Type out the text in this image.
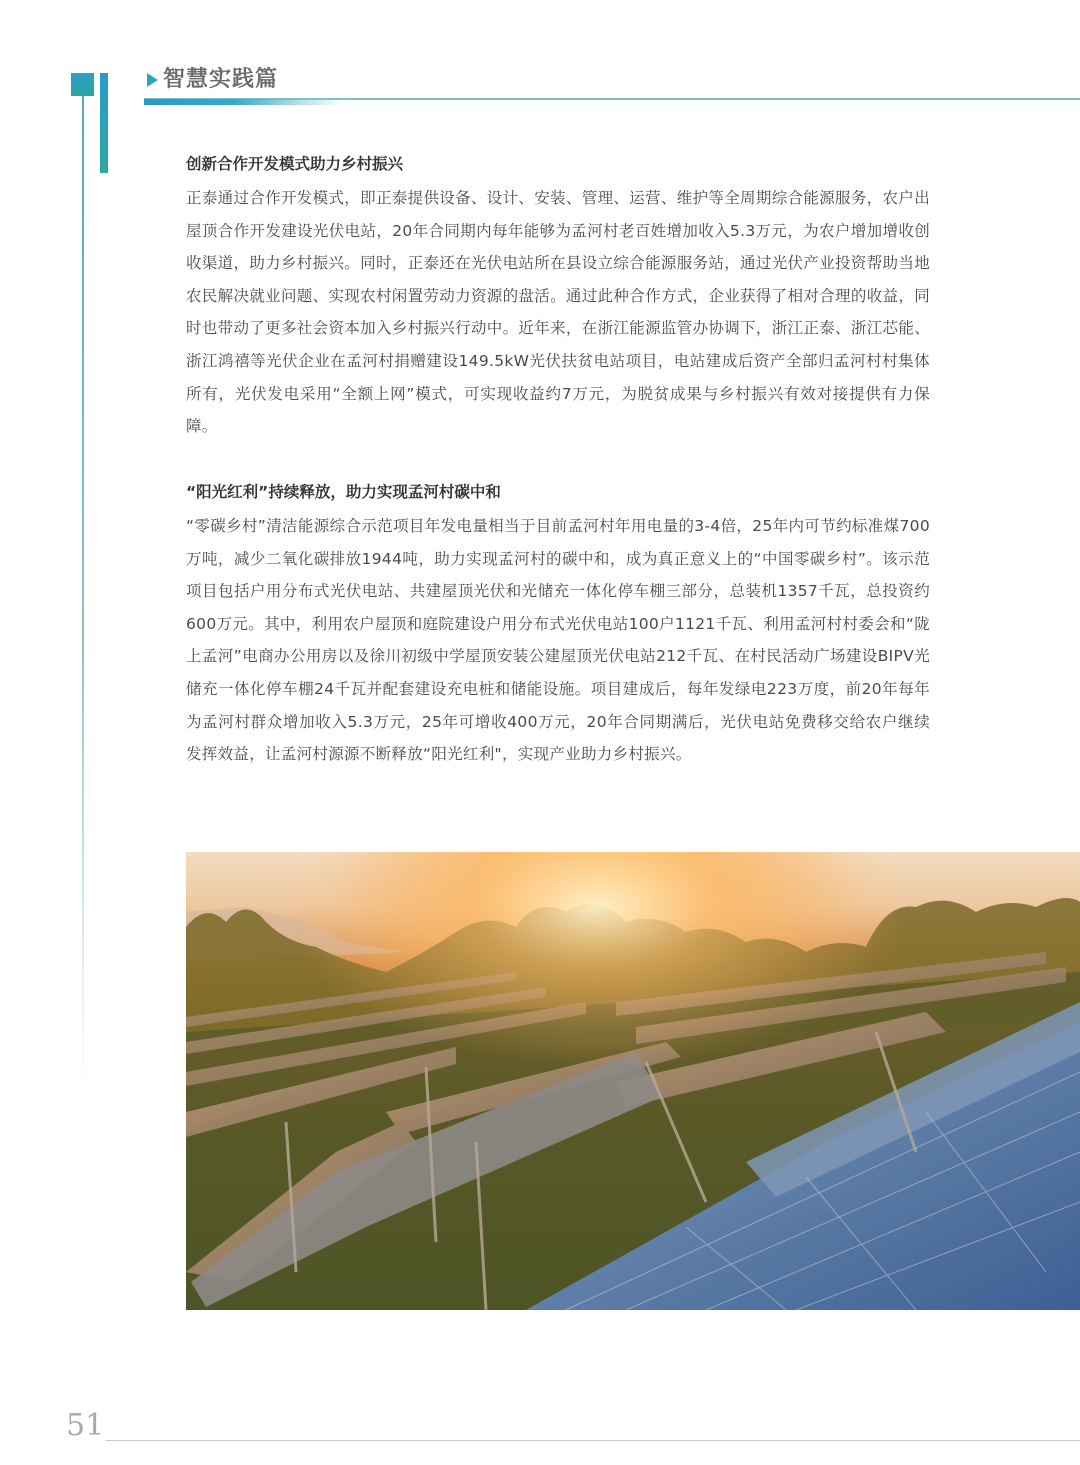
智慧实践篇
创新合作开发模式助力乡村振兴

正泰通过合作开发模式，即正泰提供设备、设计、安装、管理、运营、维护等全周期综合能源服务，农户出屋顶合作开发建设光伏电站，20年合同期内每年能够为孟河村老百姓增加收入5.3万元，为农户增加增收创收渠道，助力乡村振兴。同时，正泰还在光伏电站所在县设立综合能源服务站，通过光伏产业投资帮助当地农民解决就业问题、实现农村闲置劳动力资源的盘活。通过此种合作方式，企业获得了相对合理的收益，同时也带动了更多社会资本加入乡村振兴行动中。近年来，在浙江能源监管办协调下，浙江正泰、浙江芯能、浙江鸿禧等光伏企业在孟河村捐赠建设149.5kW光伏扶贫电站项目，电站建成后资产全部归孟河村村集体所有，光伏发电采用“全额上网”模式，可实现收益约7万元，为脱贫成果与乡村振兴有效对接提供有力保障。

“阳光红利”持续释放，助力实现孟河村碳中和

“零碳乡村”清洁能源综合示范项目年发电量相当于目前孟河村年用电量的3-4倍，25年内可节约标准煤700万吨，减少二氧化碳排放1944吨，助力实现孟河村的碳中和，成为真正意义上的“中国零碳乡村”。该示范项目包括户用分布式光伏电站、共建屋顶光伏和光储充一体化停车棚三部分，总装机1357千瓦，总投资约600万元。其中，利用农户屋顶和庭院建设户用分布式光伏电站100户1121千瓦、利用孟河村村委会和“陇上孟河”电商办公用房以及徐川初级中学屋顶安装公建屋顶光伏电站212千瓦、在村民活动广场建设BIPV光储充一体化停车棚24千瓦并配套建设充电桩和储能设施。项目建成后，每年发绿电223万度，前20年每年为孟河村群众增加收入5.3万元，25年可增收400万元，20年合同期满后，光伏电站免费移交给农户继续发挥效益，让孟河村源源不断释放“阳光红利"，实现产业助力乡村振兴。

51
